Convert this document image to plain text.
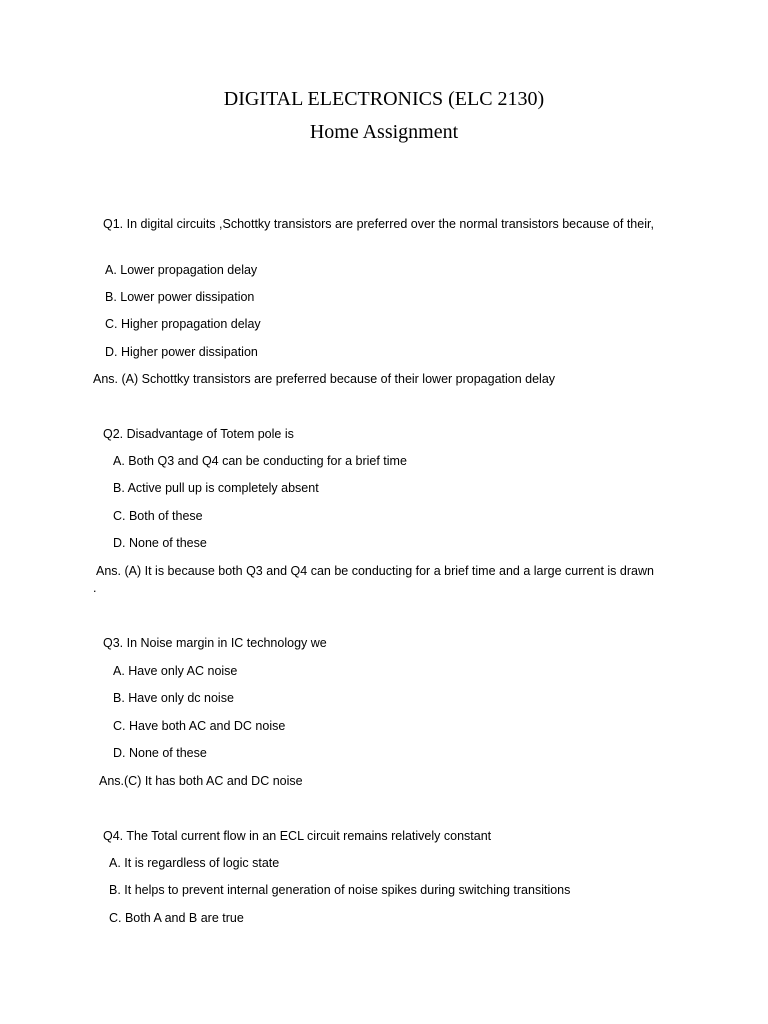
DIGITAL ELECTRONICS (ELC 2130)
Home Assignment
Q1. In digital circuits ,Schottky transistors are preferred over the normal transistors because of their,
A. Lower propagation delay
B. Lower power dissipation
C. Higher propagation delay
D. Higher power dissipation
Ans. (A) Schottky transistors are preferred because of their lower propagation delay
Q2. Disadvantage of Totem pole is
A. Both Q3 and Q4 can be conducting for a brief time
B. Active pull up is completely absent
C. Both of these
D. None of these
Ans. (A) It is because both Q3 and Q4 can be conducting for a brief time and a large current is drawn
.
Q3. In Noise margin in IC technology we
A. Have only AC noise
B. Have only dc noise
C. Have both AC and DC noise
D. None of these
Ans.(C) It has both AC and DC noise
Q4. The Total current flow in an ECL circuit remains relatively constant
A. It is regardless of logic state
B. It helps to prevent internal generation of noise spikes during switching transitions
C. Both A and B are true
